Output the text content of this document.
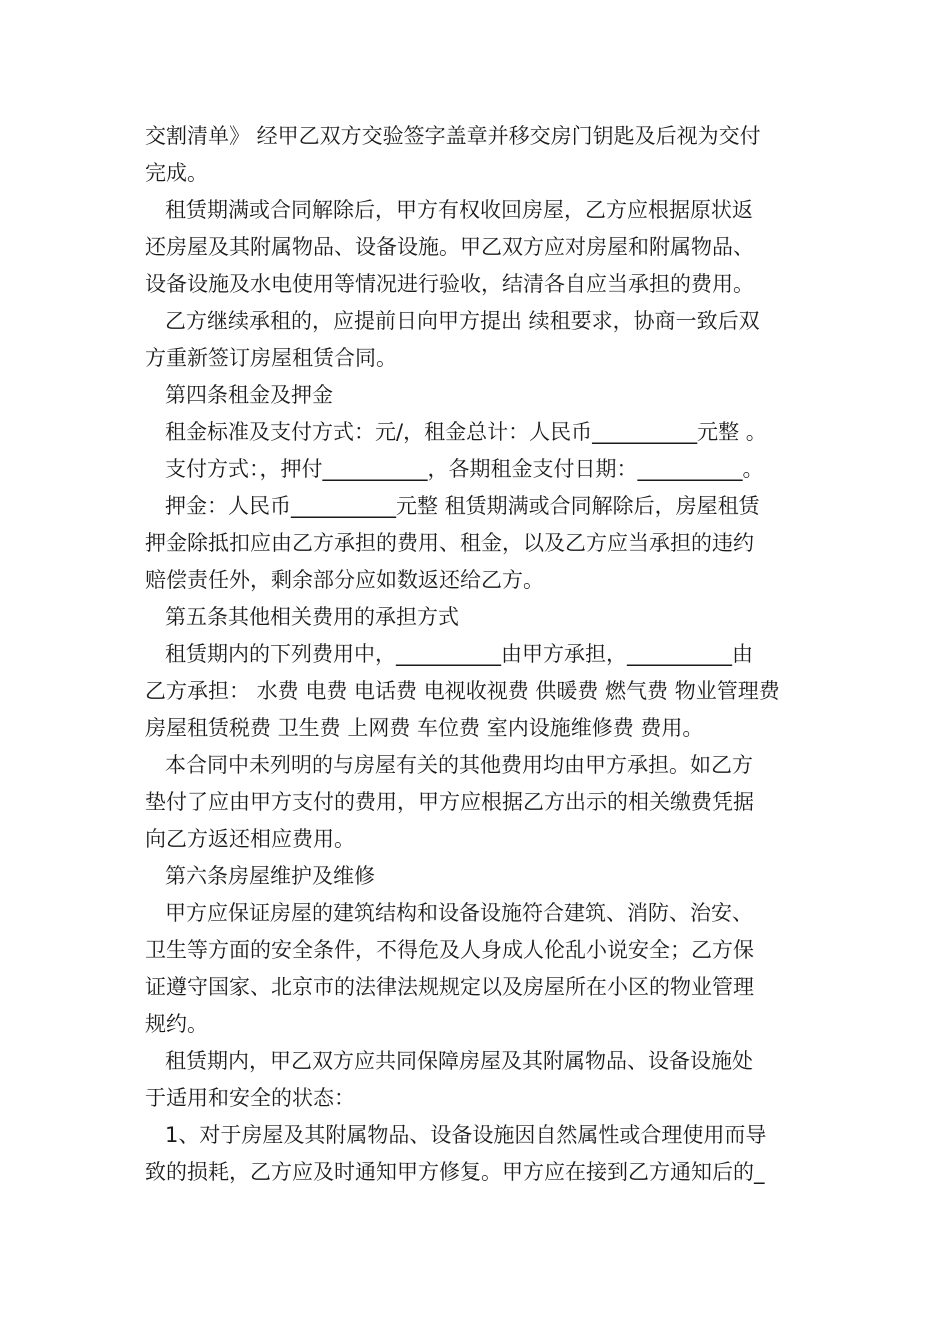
交割清单》 经甲乙双方交验签字盖章并移交房门钥匙及后视为交付
完成。
租赁期满或合同解除后，甲方有权收回房屋，乙方应根据原状返
还房屋及其附属物品、设备设施。甲乙双方应对房屋和附属物品、
设备设施及水电使用等情况进行验收，结清各自应当承担的费用。
乙方继续承租的，应提前日向甲方提出 续租要求，协商一致后双
方重新签订房屋租赁合同。
第四条租金及押金
租金标准及支付方式：元/，租金总计：人民币__________元整 。
支付方式：，押付__________，各期租金支付日期：__________。
押金：人民币__________元整 租赁期满或合同解除后，房屋租赁
押金除抵扣应由乙方承担的费用、租金，以及乙方应当承担的违约
赔偿责任外，剩余部分应如数返还给乙方。
第五条其他相关费用的承担方式
租赁期内的下列费用中，__________由甲方承担，__________由
乙方承担： 水费 电费 电话费 电视收视费 供暖费 燃气费 物业管理费
房屋租赁税费 卫生费 上网费 车位费 室内设施维修费 费用。
本合同中未列明的与房屋有关的其他费用均由甲方承担。如乙方
垫付了应由甲方支付的费用，甲方应根据乙方出示的相关缴费凭据
向乙方返还相应费用。
第六条房屋维护及维修
甲方应保证房屋的建筑结构和设备设施符合建筑、消防、治安、
卫生等方面的安全条件，不得危及人身成人伦乱小说安全；乙方保
证遵守国家、北京市的法律法规规定以及房屋所在小区的物业管理
规约。
租赁期内，甲乙双方应共同保障房屋及其附属物品、设备设施处
于适用和安全的状态：
1、对于房屋及其附属物品、设备设施因自然属性或合理使用而导
致的损耗，乙方应及时通知甲方修复。甲方应在接到乙方通知后的_
